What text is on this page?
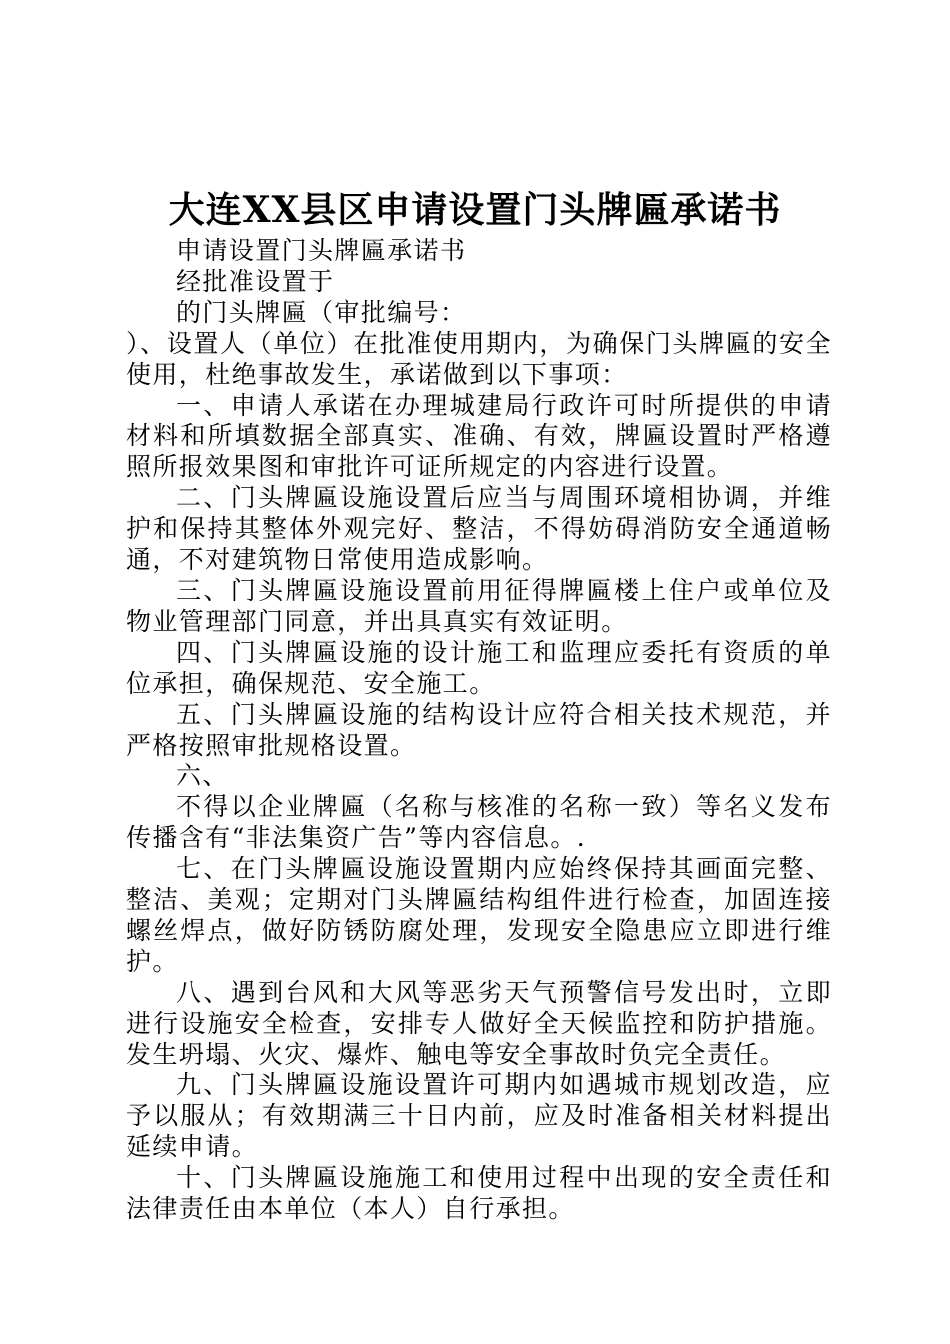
大连XX县区申请设置门头牌匾承诺书

申请设置门头牌匾承诺书

经批准设置于

的门头牌匾（审批编号：

）、设置人（单位）在批准使用期内，为确保门头牌匾的安全使用，杜绝事故发生，承诺做到以下事项：

一、申请人承诺在办理城建局行政许可时所提供的申请材料和所填数据全部真实、准确、有效，牌匾设置时严格遵照所报效果图和审批许可证所规定的内容进行设置。

二、门头牌匾设施设置后应当与周围环境相协调，并维护和保持其整体外观完好、整洁，不得妨碍消防安全通道畅通，不对建筑物日常使用造成影响。

三、门头牌匾设施设置前用征得牌匾楼上住户或单位及物业管理部门同意，并出具真实有效证明。

四、门头牌匾设施的设计施工和监理应委托有资质的单位承担，确保规范、安全施工。

五、门头牌匾设施的结构设计应符合相关技术规范，并严格按照审批规格设置。

六、

不得以企业牌匾（名称与核准的名称一致）等名义发布传播含有“非法集资广告”等内容信息。.

七、在门头牌匾设施设置期内应始终保持其画面完整、整洁、美观；定期对门头牌匾结构组件进行检查，加固连接螺丝焊点，做好防锈防腐处理，发现安全隐患应立即进行维护。

八、遇到台风和大风等恶劣天气预警信号发出时，立即进行设施安全检查，安排专人做好全天候监控和防护措施。发生坍塌、火灾、爆炸、触电等安全事故时负完全责任。

九、门头牌匾设施设置许可期内如遇城市规划改造，应予以服从；有效期满三十日内前，应及时准备相关材料提出延续申请。

十、门头牌匾设施施工和使用过程中出现的安全责任和法律责任由本单位（本人）自行承担。
